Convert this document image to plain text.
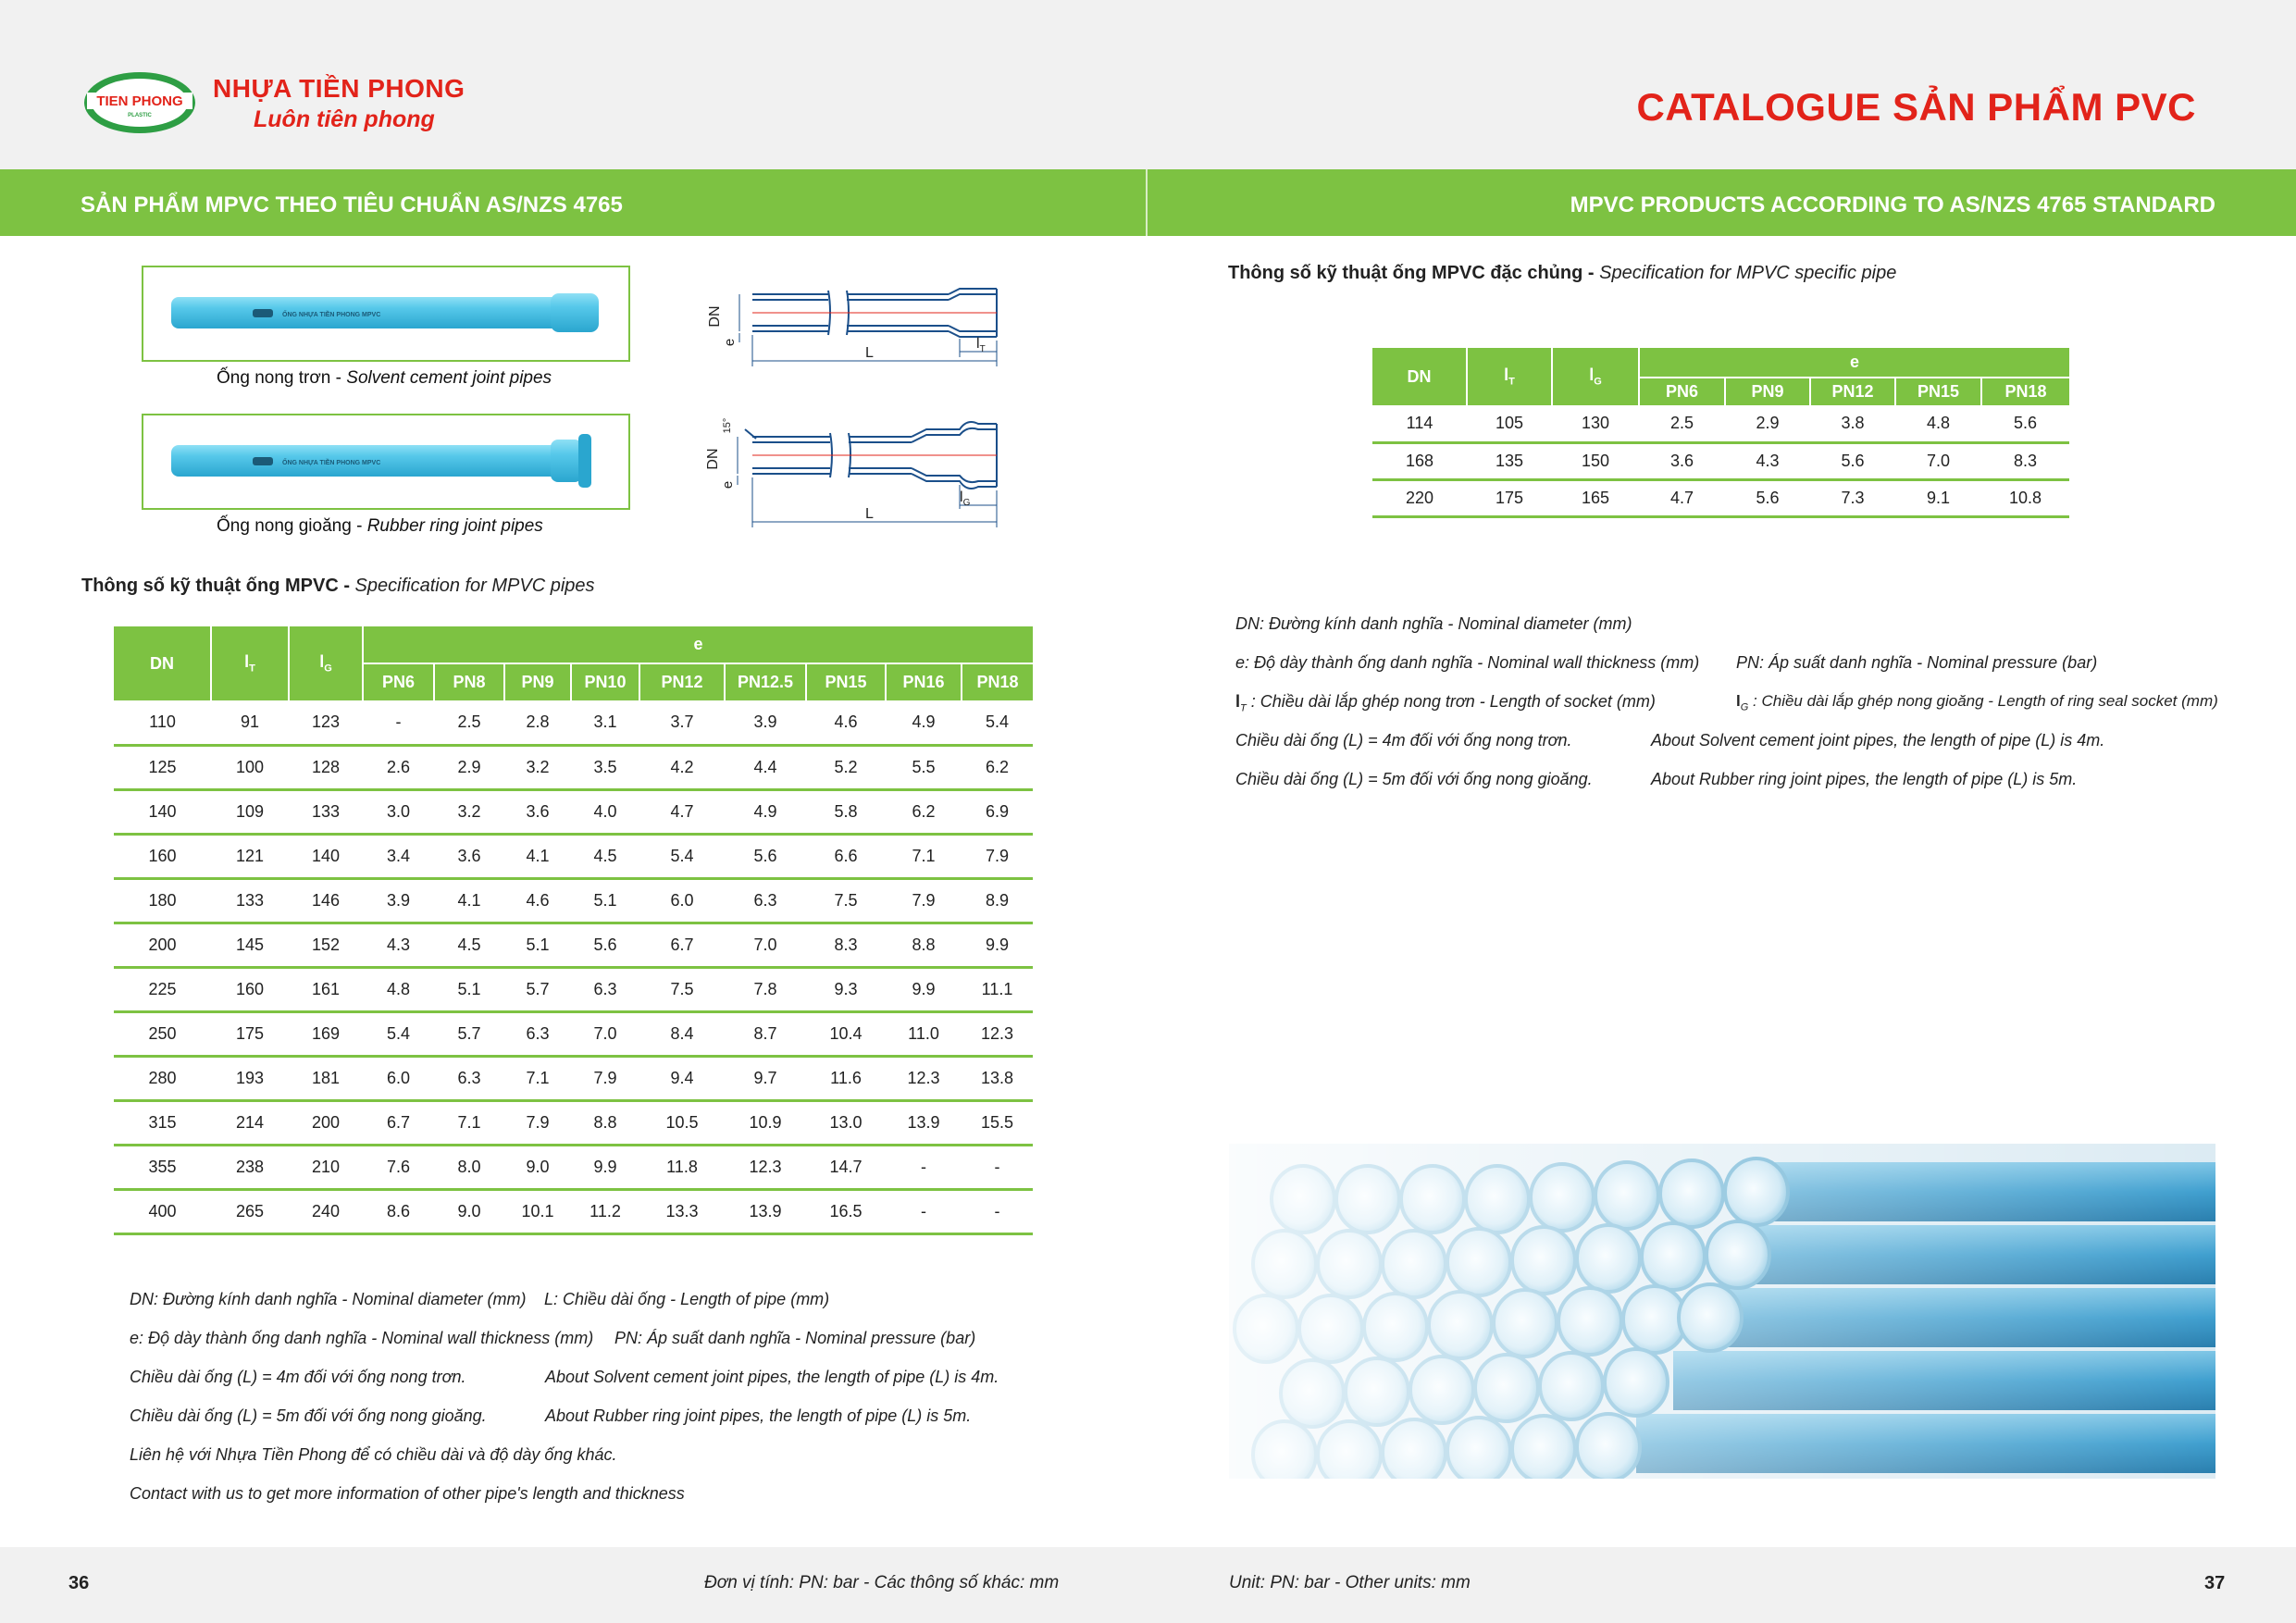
TIEN PHONG
PLASTIC
NHỰA TIỀN PHONG
Luôn tiên phong	CATALOGUE SẢN PHẨM PVC
SẢN PHẨM MPVC THEO TIÊU CHUẨN AS/NZS 4765	MPVC PRODUCTS ACCORDING TO AS/NZS 4765 STANDARD
ỐNG NHỰA TIỀN PHONG MPVC
Ống nong trơn - Solvent cement joint pipes
ỐNG NHỰA TIỀN PHONG MPVC
Ống nong gioăng - Rubber ring joint pipes
DN
e
L
$l_T$
DN
e
15°
L
$l_G$
Thông số kỹ thuật ống MPVC - Specification for MPVC pipes
DN	$l_T$	$l_G$	e								
			PN6	PN8	PN9	PN10	PN12	PN12.5	PN15	PN16	PN18
110	91	123	-	2.5	2.8	3.1	3.7	3.9	4.6	4.9	5.4
125	100	128	2.6	2.9	3.2	3.5	4.2	4.4	5.2	5.5	6.2
140	109	133	3.0	3.2	3.6	4.0	4.7	4.9	5.8	6.2	6.9
160	121	140	3.4	3.6	4.1	4.5	5.4	5.6	6.6	7.1	7.9
180	133	146	3.9	4.1	4.6	5.1	6.0	6.3	7.5	7.9	8.9
200	145	152	4.3	4.5	5.1	5.6	6.7	7.0	8.3	8.8	9.9
225	160	161	4.8	5.1	5.7	6.3	7.5	7.8	9.3	9.9	11.1
250	175	169	5.4	5.7	6.3	7.0	8.4	8.7	10.4	11.0	12.3
280	193	181	6.0	6.3	7.1	7.9	9.4	9.7	11.6	12.3	13.8
315	214	200	6.7	7.1	7.9	8.8	10.5	10.9	13.0	13.9	15.5
355	238	210	7.6	8.0	9.0	9.9	11.8	12.3	14.7	-	-
400	265	240	8.6	9.0	10.1	11.2	13.3	13.9	16.5	-	-
DN: Đường kính danh nghĩa - Nominal diameter (mm) L: Chiều dài ống - Length of pipe (mm)
e: Độ dày thành ống danh nghĩa - Nominal wall thickness (mm) PN: Áp suất danh nghĩa - Nominal pressure (bar)
Chiều dài ống (L) = 4m đối với ống nong trơn.	About Solvent cement joint pipes, the length of pipe (L) is 4m.
Chiều dài ống (L) = 5m đối với ống nong gioăng.	About Rubber ring joint pipes, the length of pipe (L) is 5m.
Liên hệ với Nhựa Tiền Phong để có chiều dài và độ dày ống khác.
Contact with us to get more information of other pipe's length and thickness
Thông số kỹ thuật ống MPVC đặc chủng - Specification for MPVC specific pipe
DN	$l_T$	$l_G$	e				
			PN6	PN9	PN12	PN15	PN18
114	105	130	2.5	2.9	3.8	4.8	5.6
168	135	150	3.6	4.3	5.6	7.0	8.3
220	175	165	4.7	5.6	7.3	9.1	10.8
DN: Đường kính danh nghĩa - Nominal diameter (mm)
e: Độ dày thành ống danh nghĩa - Nominal wall thickness (mm) PN: Áp suất danh nghĩa - Nominal pressure (bar)
$l_T$ : Chiều dài lắp ghép nong trơn - Length of socket (mm)	$l_G$ : Chiều dài lắp ghép nong gioăng - Length of ring seal socket (mm)
Chiều dài ống (L) = 4m đối với ống nong trơn.	About Solvent cement joint pipes, the length of pipe (L) is 4m.
Chiều dài ống (L) = 5m đối với ống nong gioăng.	About Rubber ring joint pipes, the length of pipe (L) is 5m.
36	Đơn vị tính: PN: bar - Các thông số khác: mm	Unit: PN: bar - Other units: mm	37
